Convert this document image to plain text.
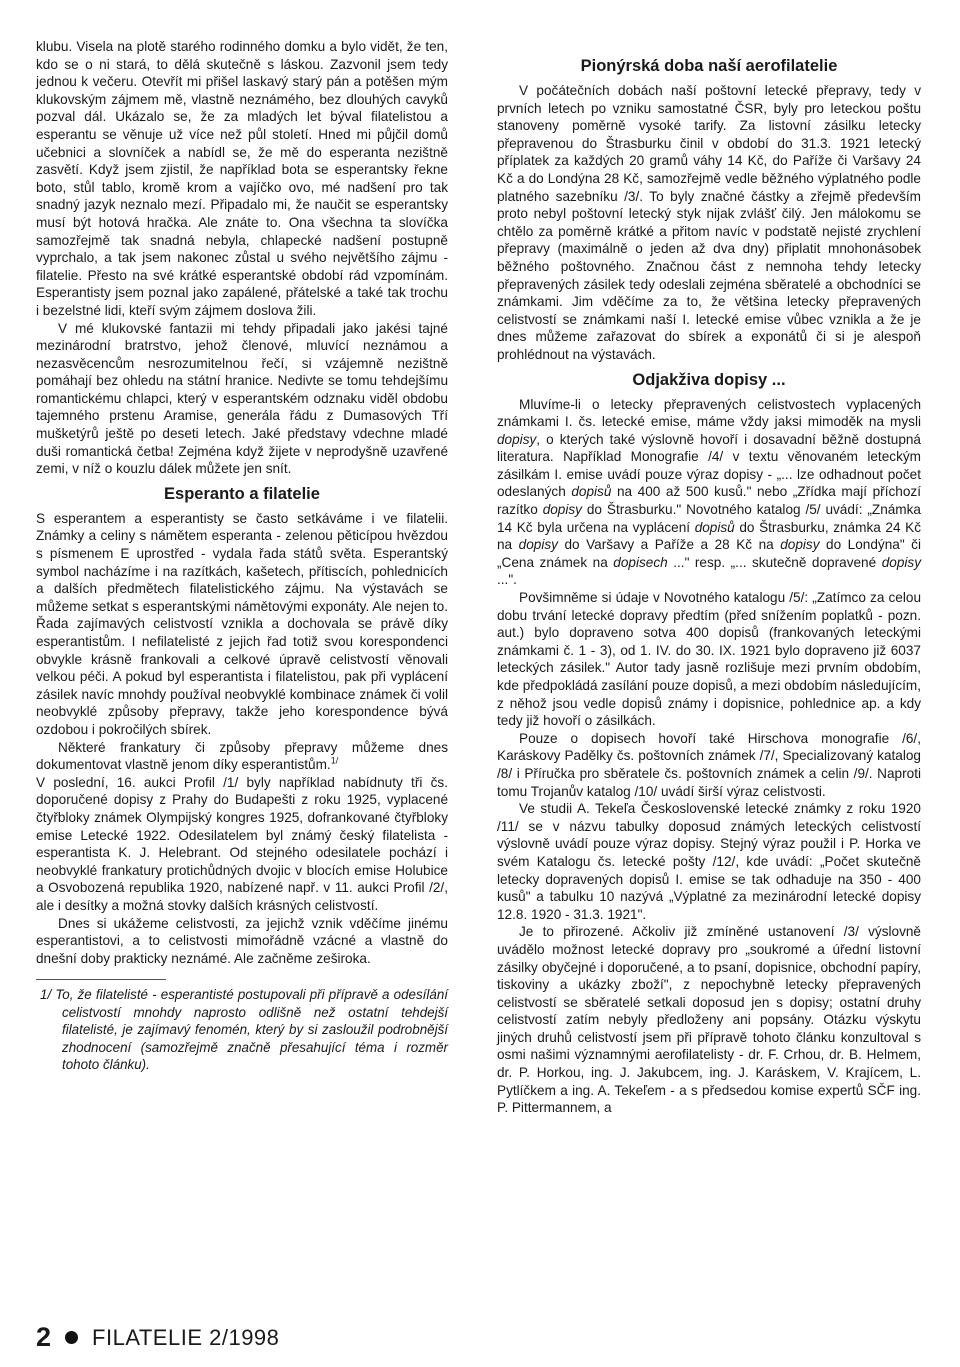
klubu. Visela na plotě starého rodinného domku a bylo vidět, že ten, kdo se o ni stará, to dělá skutečně s láskou. Zazvonil jsem tedy jednou k večeru. Otevřít mi přišel laskavý starý pán a potěšen mým klukovským zájmem mě, vlastně neznámého, bez dlouhých cavyků pozval dál. Ukázalo se, že za mladých let býval filatelistou a esperantu se věnuje už více než půl století. Hned mi půjčil domů učebnici a slovníček a nabídl se, že mě do esperanta nezištně zasvětí. Když jsem zjistil, že například bota se esperantsky řekne boto, stůl tablo, kromě krom a vajíčko ovo, mé nadšení pro tak snadný jazyk neznalo mezí. Připadalo mi, že naučit se esperantsky musí být hotová hračka. Ale znáte to. Ona všechna ta slovíčka samozřejmě tak snadná nebyla, chlapecké nadšení postupně vyprchalo, a tak jsem nakonec zůstal u svého největšího zájmu - filatelie. Přesto na své krátké esperantské období rád vzpomínám. Esperantisty jsem poznal jako zapálené, přátelské a také tak trochu i bezelstné lidi, kteří svým zájmem doslova žili.

V mé klukovské fantazii mi tehdy připadali jako jakési tajné mezinárodní bratrstvo, jehož členové, mluvící neznámou a nezasvěcencům nesrozumitelnou řečí, si vzájemně nezištně pomáhají bez ohledu na státní hranice. Nedivte se tomu tehdejšímu romantickému chlapci, který v esperantském odznaku viděl obdobu tajemného prstenu Aramise, generála řádu z Dumasových Tří mušketýrů ještě po deseti letech. Jaké představy vdechne mladé duši romantická četba! Zejména když žijete v neprodyšně uzavřené zemi, v níž o kouzlu dálek můžete jen snít.

Esperanto a filatelie

S esperantem a esperantisty se často setkáváme i ve filatelii. Známky a celiny s námětem esperanta - zelenou pěticípou hvězdou s písmenem E uprostřed - vydala řada států světa. Esperantský symbol nacházíme i na razítkách, kašetech, přítiscích, pohlednicích a dalších předmětech filatelistického zájmu. Na výstavách se můžeme setkat s esperantskými námětovými exponáty. Ale nejen to. Řada zajímavých celistvostí vznikla a dochovala se právě díky esperantistům. I nefilatelisté z jejich řad totiž svou korespondenci obvykle krásně frankovali a celkové úpravě celistvostí věnovali velkou péči. A pokud byl esperantista i filatelistou, pak při vyplácení zásilek navíc mnohdy používal neobvyklé kombinace známek či volil neobvyklé způsoby přepravy, takže jeho korespondence bývá ozdobou i pokročilých sbírek.

Některé frankatury či způsoby přepravy můžeme dnes dokumentovat vlastně jenom díky esperantistům.$^{1/}$

V poslední, 16. aukci Profil /1/ byly například nabídnuty tři čs. doporučené dopisy z Prahy do Budapešti z roku 1925, vyplacené čtyřbloky známek Olympijský kongres 1925, dofrankované čtyřbloky emise Letecké 1922. Odesilatelem byl známý český filatelista - esperantista K. J. Helebrant. Od stejného odesilatele pochází i neobvyklé frankatury protichůdných dvojic v blocích emise Holubice a Osvobozená republika 1920, nabízené např. v 11. aukci Profil /2/, ale i desítky a možná stovky dalších krásných celistvostí.

Dnes si ukážeme celistvosti, za jejichž vznik vděčíme jinému esperantistovi, a to celistvosti mimořádně vzácné a vlastně do dnešní doby prakticky neznámé. Ale začněme zeširoka.

1/ To, že filatelisté - esperantisté postupovali při přípravě a odesílání celistvostí mnohdy naprosto odlišně než ostatní tehdejší filatelisté, je zajímavý fenomén, který by si zasloužil podrobnější zhodnocení (samozřejmě značně přesahující téma i rozměr tohoto článku).

Pionýrská doba naší aerofilatelie

V počátečních dobách naší poštovní letecké přepravy, tedy v prvních letech po vzniku samostatné ČSR, byly pro leteckou poštu stanoveny poměrně vysoké tarify. Za listovní zásilku letecky přepravenou do Štrasburku činil v období do 31.3. 1921 letecký příplatek za každých 20 gramů váhy 14 Kč, do Paříže či Varšavy 24 Kč a do Londýna 28 Kč, samozřejmě vedle běžného výplatného podle platného sazebníku /3/. To byly značné částky a zřejmě především proto nebyl poštovní letecký styk nijak zvlášť čilý. Jen málokomu se chtělo za poměrně krátké a přitom navíc v podstatě nejisté zrychlení přepravy (maximálně o jeden až dva dny) připlatit mnohonásobek běžného poštovného. Značnou část z nemnoha tehdy letecky přepravených zásilek tedy odeslali zejména sběratelé a obchodníci se známkami. Jim vděčíme za to, že většina letecky přepravených celistvostí se známkami naší I. letecké emise vůbec vznikla a že je dnes můžeme zařazovat do sbírek a exponátů či si je alespoň prohlédnout na výstavách.

Odjakživa dopisy ...

Mluvíme-li o letecky přepravených celistvostech vyplacených známkami I. čs. letecké emise, máme vždy jaksi mimoděk na mysli dopisy, o kterých také výslovně hovoří i dosavadní běžně dostupná literatura. Například Monografie /4/ v textu věnovaném leteckým zásilkám I. emise uvádí pouze výraz dopisy - „... lze odhadnout počet odeslaných dopisů na 400 až 500 kusů." nebo „Zřídka mají příchozí razítko dopisy do Štrasburku." Novotného katalog /5/ uvádí: „Známka 14 Kč byla určena na vyplácení dopisů do Štrasburku, známka 24 Kč na dopisy do Varšavy a Paříže a 28 Kč na dopisy do Londýna" či „Cena známek na dopisech ..." resp. „... skutečně dopravené dopisy ...".

Povšimněme si údaje v Novotného katalogu /5/: „Zatímco za celou dobu trvání letecké dopravy předtím (před snížením poplatků - pozn. aut.) bylo dopraveno sotva 400 dopisů (frankovaných leteckými známkami č. 1 - 3), od 1. IV. do 30. IX. 1921 bylo dopraveno již 6037 leteckých zásilek." Autor tady jasně rozlišuje mezi prvním obdobím, kde předpokládá zasílání pouze dopisů, a mezi obdobím následujícím, z něhož jsou vedle dopisů známy i dopisnice, pohlednice ap. a kdy tedy již hovoří o zásilkách.

Pouze o dopisech hovoří také Hirschova monografie /6/, Karáskovy Padělky čs. poštovních známek /7/, Specializovaný katalog /8/ i Příručka pro sběratele čs. poštovních známek a celin /9/. Naproti tomu Trojanův katalog /10/ uvádí širší výraz celistvosti.

Ve studii A. Tekeľa Československé letecké známky z roku 1920 /11/ se v názvu tabulky doposud známých leteckých celistvostí výslovně uvádí pouze výraz dopisy. Stejný výraz použil i P. Horka ve svém Katalogu čs. letecké pošty /12/, kde uvádí: „Počet skutečně letecky dopravených dopisů I. emise se tak odhaduje na 350 - 400 kusů" a tabulku 10 nazývá „Výplatné za mezinárodní letecké dopisy 12.8. 1920 - 31.3. 1921".

Je to přirozené. Ačkoliv již zmíněné ustanovení /3/ výslovně uvádělo možnost letecké dopravy pro „soukromé a úřední listovní zásilky obyčejné i doporučené, a to psaní, dopisnice, obchodní papíry, tiskoviny a ukázky zboží", z nepochybně letecky přepravených celistvostí se sběratelé setkali doposud jen s dopisy; ostatní druhy celistvostí zatím nebyly předloženy ani popsány. Otázku výskytu jiných druhů celistvostí jsem při přípravě tohoto článku konzultoval s osmi našimi významnými aerofilatelisty - dr. F. Crhou, dr. B. Helmem, dr. P. Horkou, ing. J. Jakubcem, ing. J. Karáskem, V. Krajícem, L. Pytlíčkem a ing. A. Tekeľem - a s předsedou komise expertů SČF ing. P. Pittermannem, a

2 FILATELIE 2/1998
